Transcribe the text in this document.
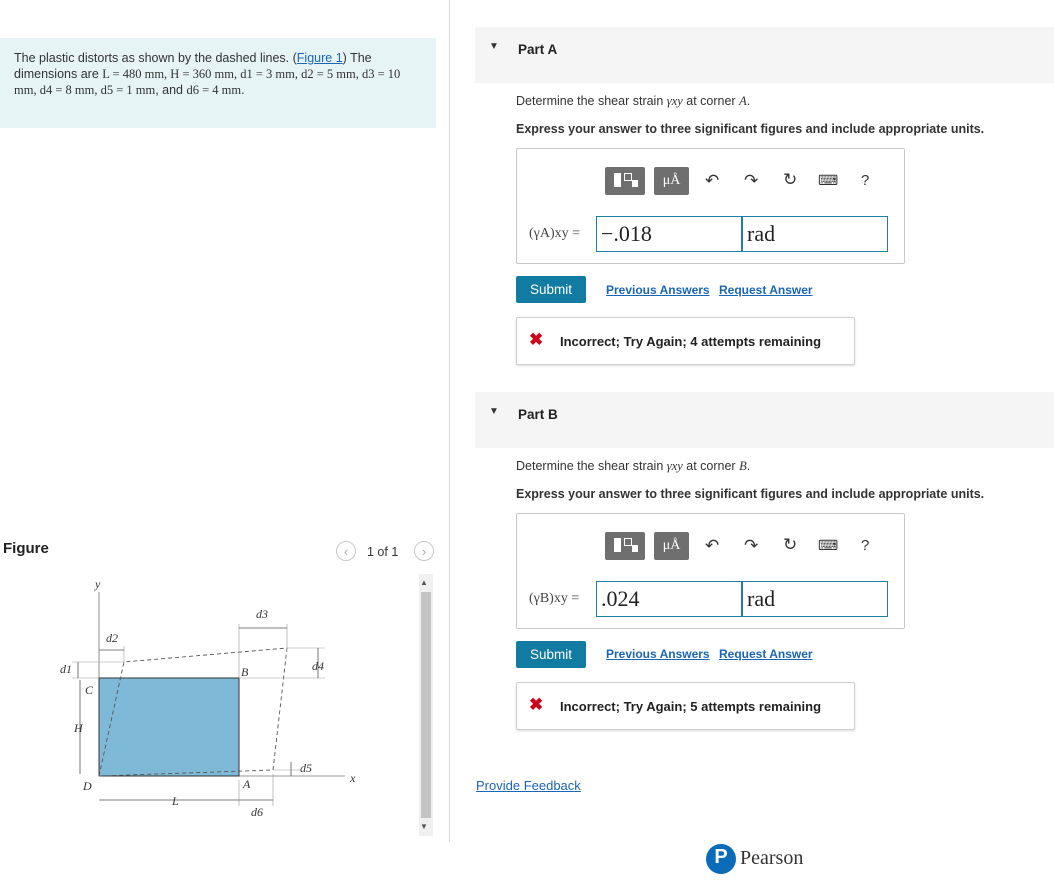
The plastic distorts as shown by the dashed lines. (Figure 1) The dimensions are L = 480 mm, H = 360 mm, d1 = 3 mm, d2 = 5 mm, d3 = 10 mm, d4 = 8 mm, d5 = 1 mm, and d6 = 4 mm.
Figure	‹	1 of 1	›
y
x
B
C
D	A
d1
H
d2
d3
d4
d5
L
d6
▲
▼
▼ Part A
Determine the shear strain γxy at corner A.
Express your answer to three significant figures and include appropriate units.
μÅ	↶ ↷ ↻ ⌨ ?
(γA)xy = −.018	rad
Submit	Previous Answers Request Answer
✖ Incorrect; Try Again; 4 attempts remaining
▼ Part B
Determine the shear strain γxy at corner B.
Express your answer to three significant figures and include appropriate units.
μÅ	↶ ↷ ↻ ⌨ ?
(γB)xy = .024	rad
Submit	Previous Answers Request Answer
✖ Incorrect; Try Again; 5 attempts remaining
Provide Feedback
P Pearson
